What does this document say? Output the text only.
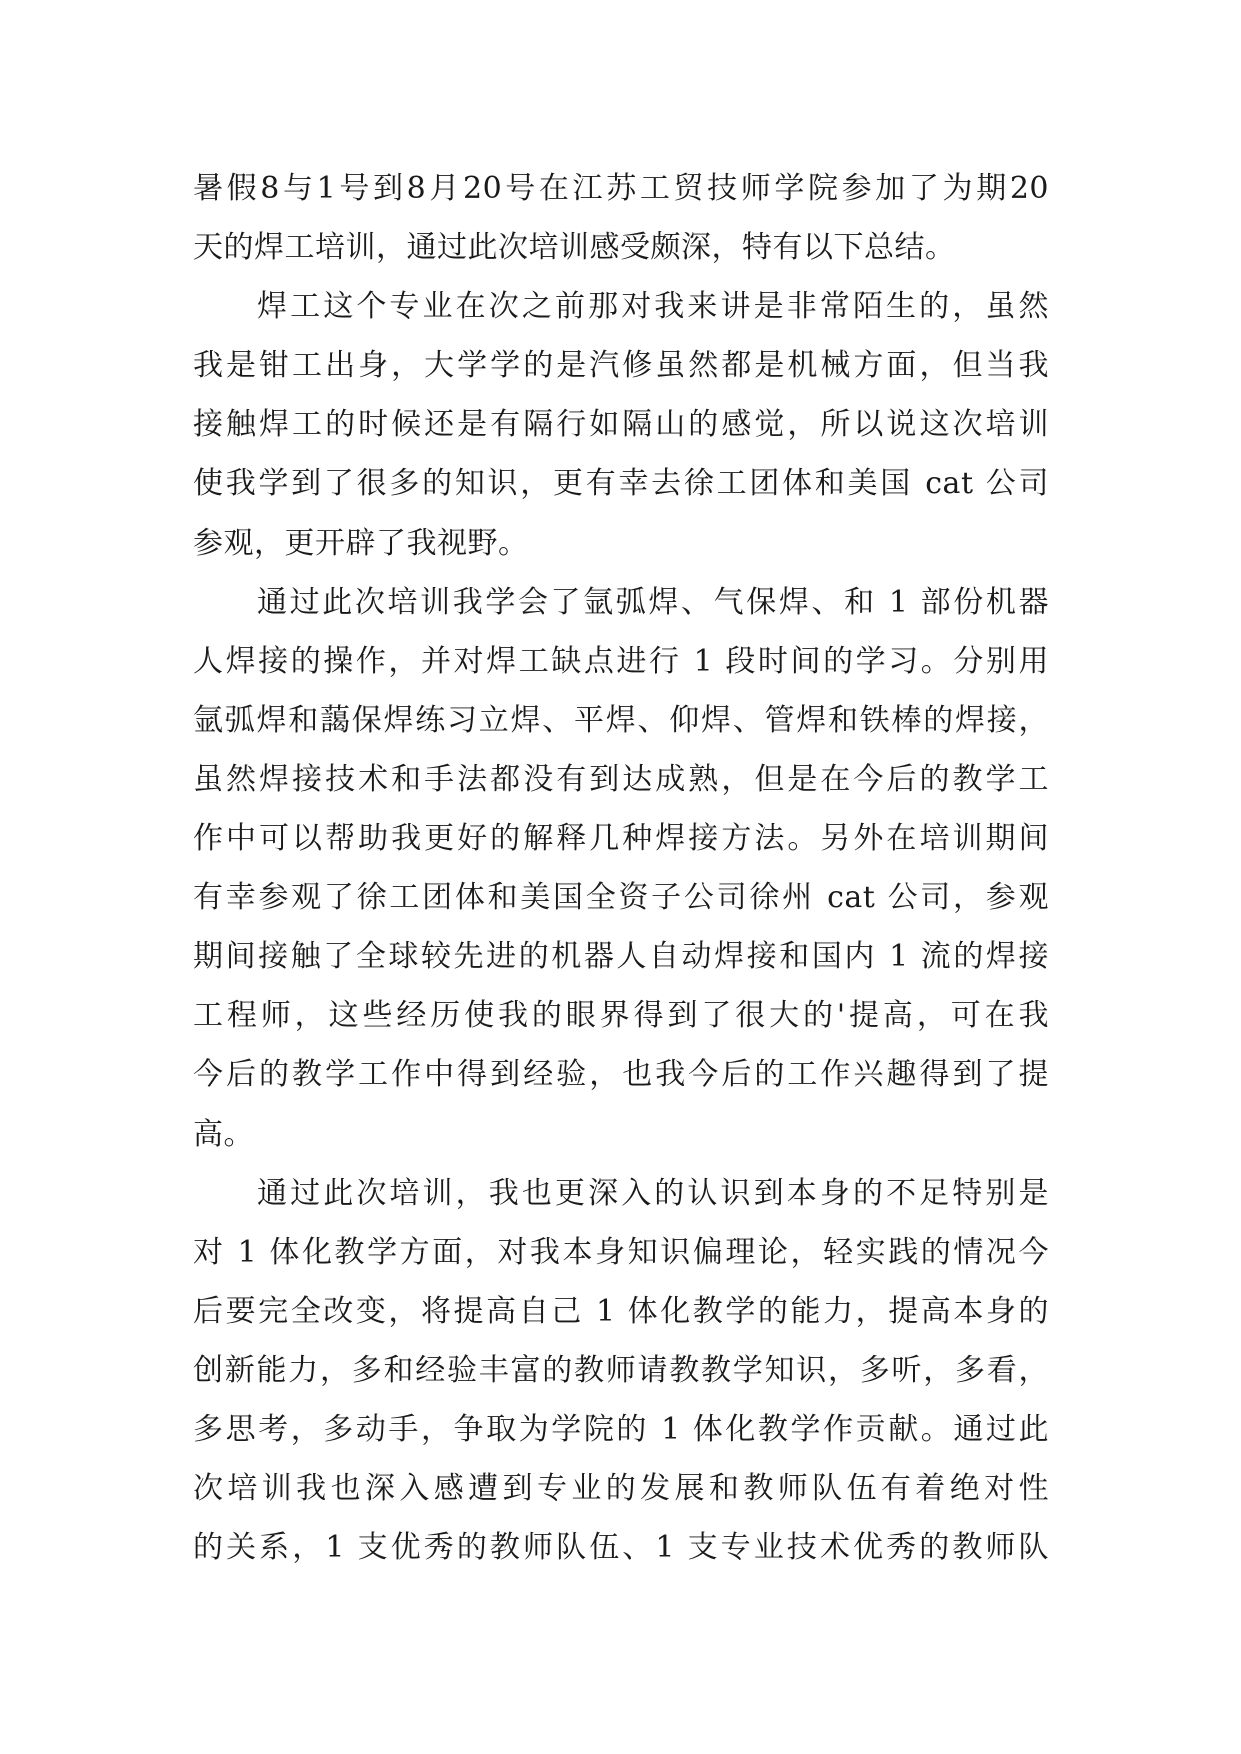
暑假8与1号到8月20号在江苏工贸技师学院参加了为期20
天的焊工培训，通过此次培训感受颇深，特有以下总结。
焊工这个专业在次之前那对我来讲是非常陌生的，虽然
我是钳工出身，大学学的是汽修虽然都是机械方面，但当我
接触焊工的时候还是有隔行如隔山的感觉，所以说这次培训
使我学到了很多的知识，更有幸去徐工团体和美国 cat 公司
参观，更开辟了我视野。
通过此次培训我学会了氩弧焊、气保焊、和 1 部份机器
人焊接的操作，并对焊工缺点进行 1 段时间的学习。分别用
氩弧焊和藹保焊练习立焊、平焊、仰焊、管焊和铁棒的焊接，
虽然焊接技术和手法都没有到达成熟，但是在今后的教学工
作中可以帮助我更好的解释几种焊接方法。另外在培训期间
有幸参观了徐工团体和美国全资子公司徐州 cat 公司，参观
期间接触了全球较先进的机器人自动焊接和国内 1 流的焊接
工程师，这些经历使我的眼界得到了很大的'提高，可在我
今后的教学工作中得到经验，也我今后的工作兴趣得到了提
高。
通过此次培训，我也更深入的认识到本身的不足特别是
对 1 体化教学方面，对我本身知识偏理论，轻实践的情况今
后要完全改变，将提高自己 1 体化教学的能力，提高本身的
创新能力，多和经验丰富的教师请教教学知识，多听，多看，
多思考，多动手，争取为学院的 1 体化教学作贡献。通过此
次培训我也深入感遭到专业的发展和教师队伍有着绝对性
的关系，1 支优秀的教师队伍、1 支专业技术优秀的教师队
